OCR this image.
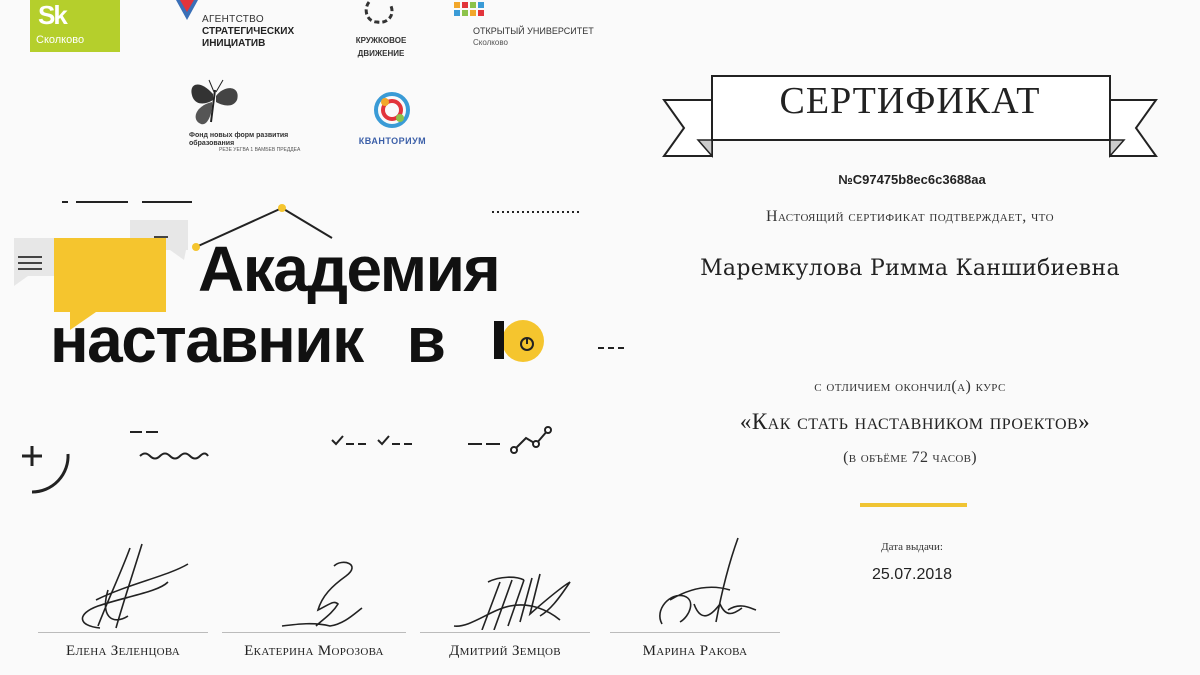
Sk
Сколково
АГЕНТСТВО
СТРАТЕГИЧЕСКИХ
ИНИЦИАТИВ	КРУЖКОВОЕ
ДВИЖЕНИЕ
ОТКРЫТЫЙ УНИВЕРСИТЕТ
Сколково
Фонд новых форм развития образования
РЕЗЕ УЕГВА 1 ВАМБЕВ ПРЕДДЕА
КВАНТОРИУМ
Академия
наставник в
СЕРТИФИКАТ
№C97475b8ec6c3688aa
Настоящий сертификат подтверждает, что
Маремкулова Римма Каншибиевна
с отличием окончил(а) курс
«Как стать наставником проектов»
(в объёме 72 часов)
Дата выдачи:
25.07.2018
Елена Зеленцова	Екатерина Морозова	Дмитрий Земцов	Марина Ракова
